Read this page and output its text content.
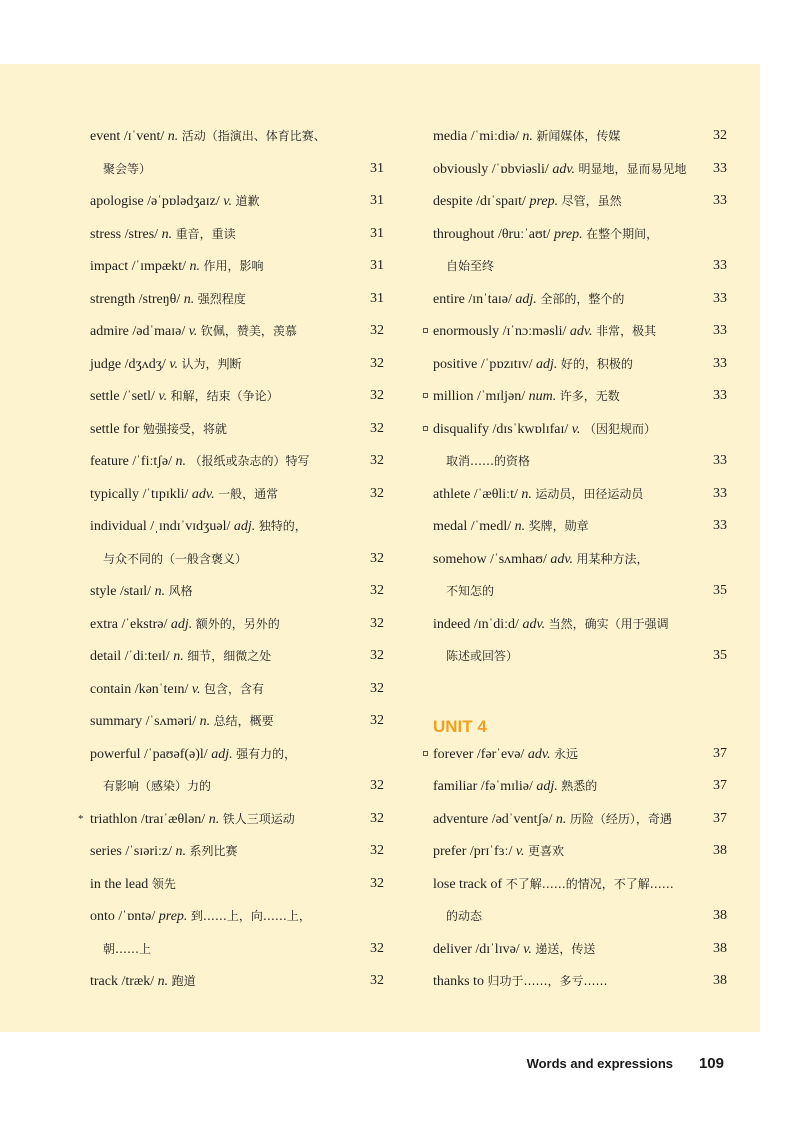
event /ɪˈvent/ n. 活动（指演出、体育比赛、
聚会等）	31
apologise /əˈpɒlədʒaɪz/ v. 道歉	31
stress /stres/ n. 重音，重读	31
impact /ˈɪmpækt/ n. 作用，影响	31
strength /streŋθ/ n. 强烈程度	31
admire /ədˈmaɪə/ v. 钦佩，赞美，羡慕	32
judge /dʒʌdʒ/ v. 认为，判断	32
settle /ˈsetl/ v. 和解，结束（争论）	32
settle for 勉强接受，将就	32
feature /ˈfiːtʃə/ n. （报纸或杂志的）特写	32
typically /ˈtɪpɪkli/ adv. 一般，通常	32
individual /ˌɪndɪˈvɪdʒuəl/ adj. 独特的，
与众不同的（一般含褒义）	32
style /staɪl/ n. 风格	32
extra /ˈekstrə/ adj. 额外的，另外的	32
detail /ˈdiːteɪl/ n. 细节，细微之处	32
contain /kənˈteɪn/ v. 包含，含有	32
summary /ˈsʌməri/ n. 总结，概要	32
powerful /ˈpaʊəf(ə)l/ adj. 强有力的，
有影响（感染）力的	32
* triathlon /traɪˈæθlən/ n. 铁人三项运动	32
series /ˈsɪəriːz/ n. 系列比赛	32
in the lead 领先	32
onto /ˈɒntə/ prep. 到……上，向……上，
朝……上	32
track /træk/ n. 跑道	32
media /ˈmiːdiə/ n. 新闻媒体，传媒	32
obviously /ˈɒbviəsli/ adv. 明显地，显而易见地 33
despite /dɪˈspaɪt/ prep. 尽管，虽然	33
throughout /θruːˈaʊt/ prep. 在整个期间，
自始至终	33
entire /ɪnˈtaɪə/ adj. 全部的，整个的	33
enormously /ɪˈnɔːməsli/ adv. 非常，极其	33
positive /ˈpɒzɪtɪv/ adj. 好的，积极的	33
million /ˈmɪljən/ num. 许多，无数	33
disqualify /dɪsˈkwɒlɪfaɪ/ v. （因犯规而）
取消……的资格	33
athlete /ˈæθliːt/ n. 运动员，田径运动员	33
medal /ˈmedl/ n. 奖牌，勋章	33
somehow /ˈsʌmhaʊ/ adv. 用某种方法，
不知怎的	35
indeed /ɪnˈdiːd/ adv. 当然，确实（用于强调
陈述或回答）	35
UNIT 4
forever /fərˈevə/ adv. 永远	37
familiar /fəˈmɪliə/ adj. 熟悉的	37
adventure /ədˈventʃə/ n. 历险（经历），奇遇	37
prefer /prɪˈfɜː/ v. 更喜欢	38
lose track of 不了解……的情况，不了解……
的动态	38
deliver /dɪˈlɪvə/ v. 递送，传送	38
thanks to 归功于……，多亏……	38
Words and expressions 109
